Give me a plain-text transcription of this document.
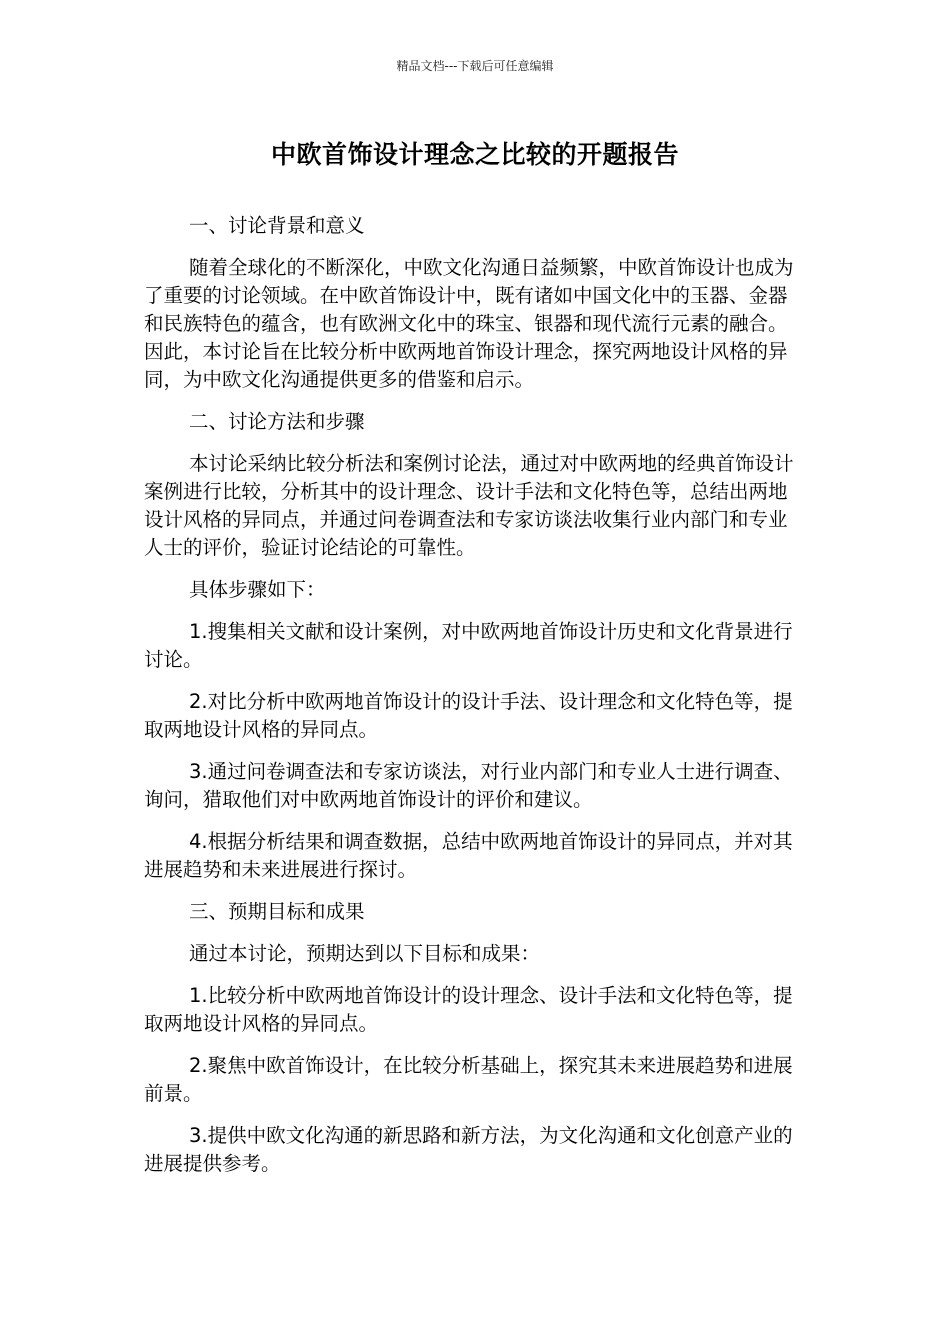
精品文档---下载后可任意编辑
中欧首饰设计理念之比较的开题报告

一、讨论背景和意义

随着全球化的不断深化，中欧文化沟通日益频繁，中欧首饰设计也成为了重要的讨论领域。在中欧首饰设计中，既有诸如中国文化中的玉器、金器和民族特色的蕴含，也有欧洲文化中的珠宝、银器和现代流行元素的融合。因此，本讨论旨在比较分析中欧两地首饰设计理念，探究两地设计风格的异同，为中欧文化沟通提供更多的借鉴和启示。

二、讨论方法和步骤

本讨论采纳比较分析法和案例讨论法，通过对中欧两地的经典首饰设计案例进行比较，分析其中的设计理念、设计手法和文化特色等，总结出两地设计风格的异同点，并通过问卷调查法和专家访谈法收集行业内部门和专业人士的评价，验证讨论结论的可靠性。

具体步骤如下：

1.搜集相关文献和设计案例，对中欧两地首饰设计历史和文化背景进行讨论。

2.对比分析中欧两地首饰设计的设计手法、设计理念和文化特色等，提取两地设计风格的异同点。

3.通过问卷调查法和专家访谈法，对行业内部门和专业人士进行调查、询问，猎取他们对中欧两地首饰设计的评价和建议。

4.根据分析结果和调查数据，总结中欧两地首饰设计的异同点，并对其进展趋势和未来进展进行探讨。

三、预期目标和成果

通过本讨论，预期达到以下目标和成果：

1.比较分析中欧两地首饰设计的设计理念、设计手法和文化特色等，提取两地设计风格的异同点。

2.聚焦中欧首饰设计，在比较分析基础上，探究其未来进展趋势和进展前景。

3.提供中欧文化沟通的新思路和新方法，为文化沟通和文化创意产业的进展提供参考。
